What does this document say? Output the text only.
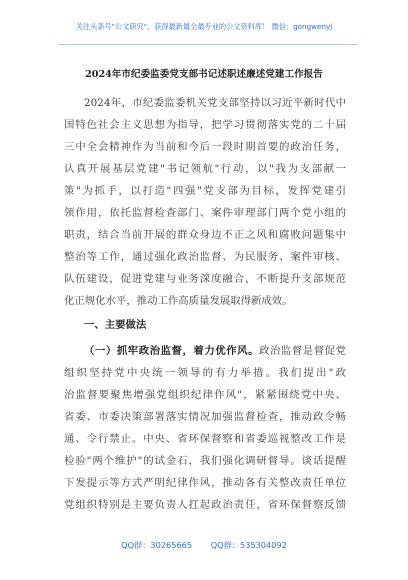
关注头条号"公文研究"，获得最新最全最专业的公文资料库！ 微信：gongwenyj
2024年市纪委监委党支部书记述职述廉述党建工作报告
2024年，市纪委监委机关党支部坚持以习近平新时代中
国特色社会主义思想为指导，把学习贯彻落实党的二十届
三中全会精神作为当前和今后一段时期首要的政治任务，
认真开展基层党建"书记领航"行动，以"我为支部献一
策"为抓手，以打造"四强"党支部为目标，发挥党建引
领作用，依托监督检查部门、案件审理部门两个党小组的
职责，结合当前开展的群众身边不正之风和腐败问题集中
整治等工作，通过强化政治监督、为民服务、案件审核、
队伍建设，促进党建与业务深度融合，不断提升支部规范
化正规化水平，推动工作高质量发展取得新成效。
一、主要做法
（一）抓牢政治监督，着力优作风。政治监督是督促党
组织坚持党中央统一领导的有力举措。我们提出"政
治监督要聚焦增强党组织纪律作风"，紧紧围绕党中央、
省委、市委决策部署落实情况加强监督检查，推动政令畅
通、令行禁止。中央、省环保督察和省委巡视整改工作是
检验"两个维护"的试金石，我们强化调研督导。谈话提醒
下发提示等方式严明纪律作风，推动各有关整改责任单位
党组织特别是主要负责人扛起政治责任，省环保督察反馈
QQ群：30265665 QQ群：535304092
